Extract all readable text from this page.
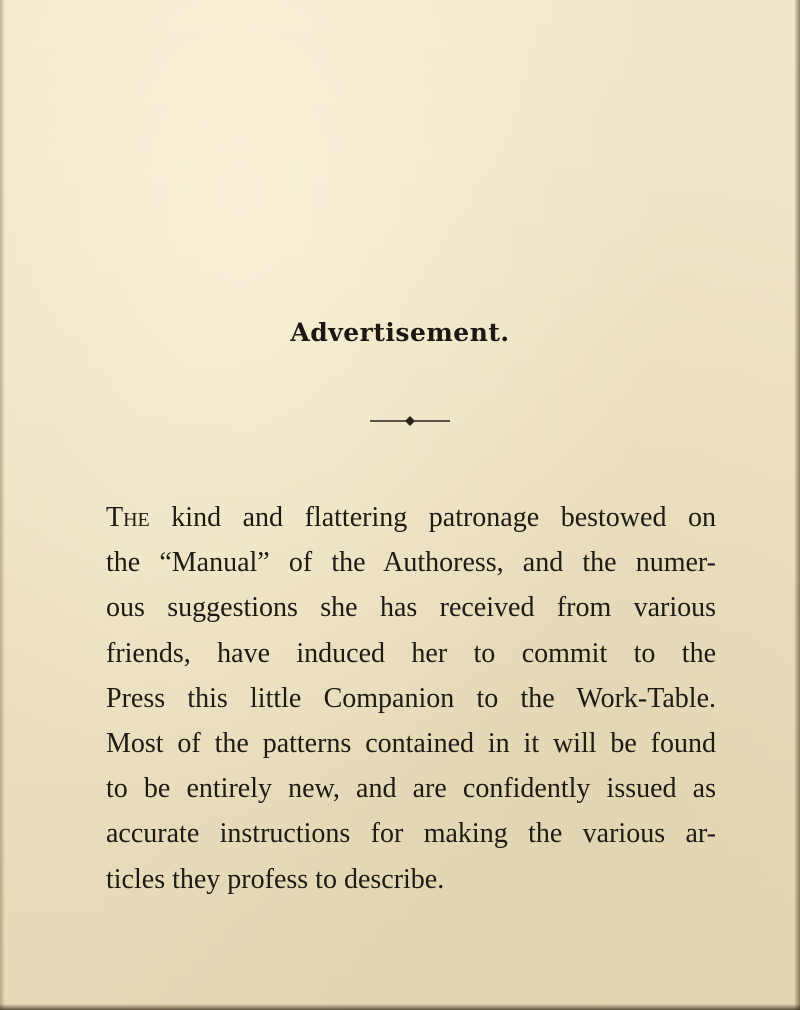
Advertisement.

The kind and flattering patronage bestowed on
the “Manual” of the Authoress, and the numer-
ous suggestions she has received from various
friends, have induced her to commit to the
Press this little Companion to the Work-Table.
Most of the patterns contained in it will be found
to be entirely new, and are confidently issued as
accurate instructions for making the various ar-
ticles they profess to describe.
